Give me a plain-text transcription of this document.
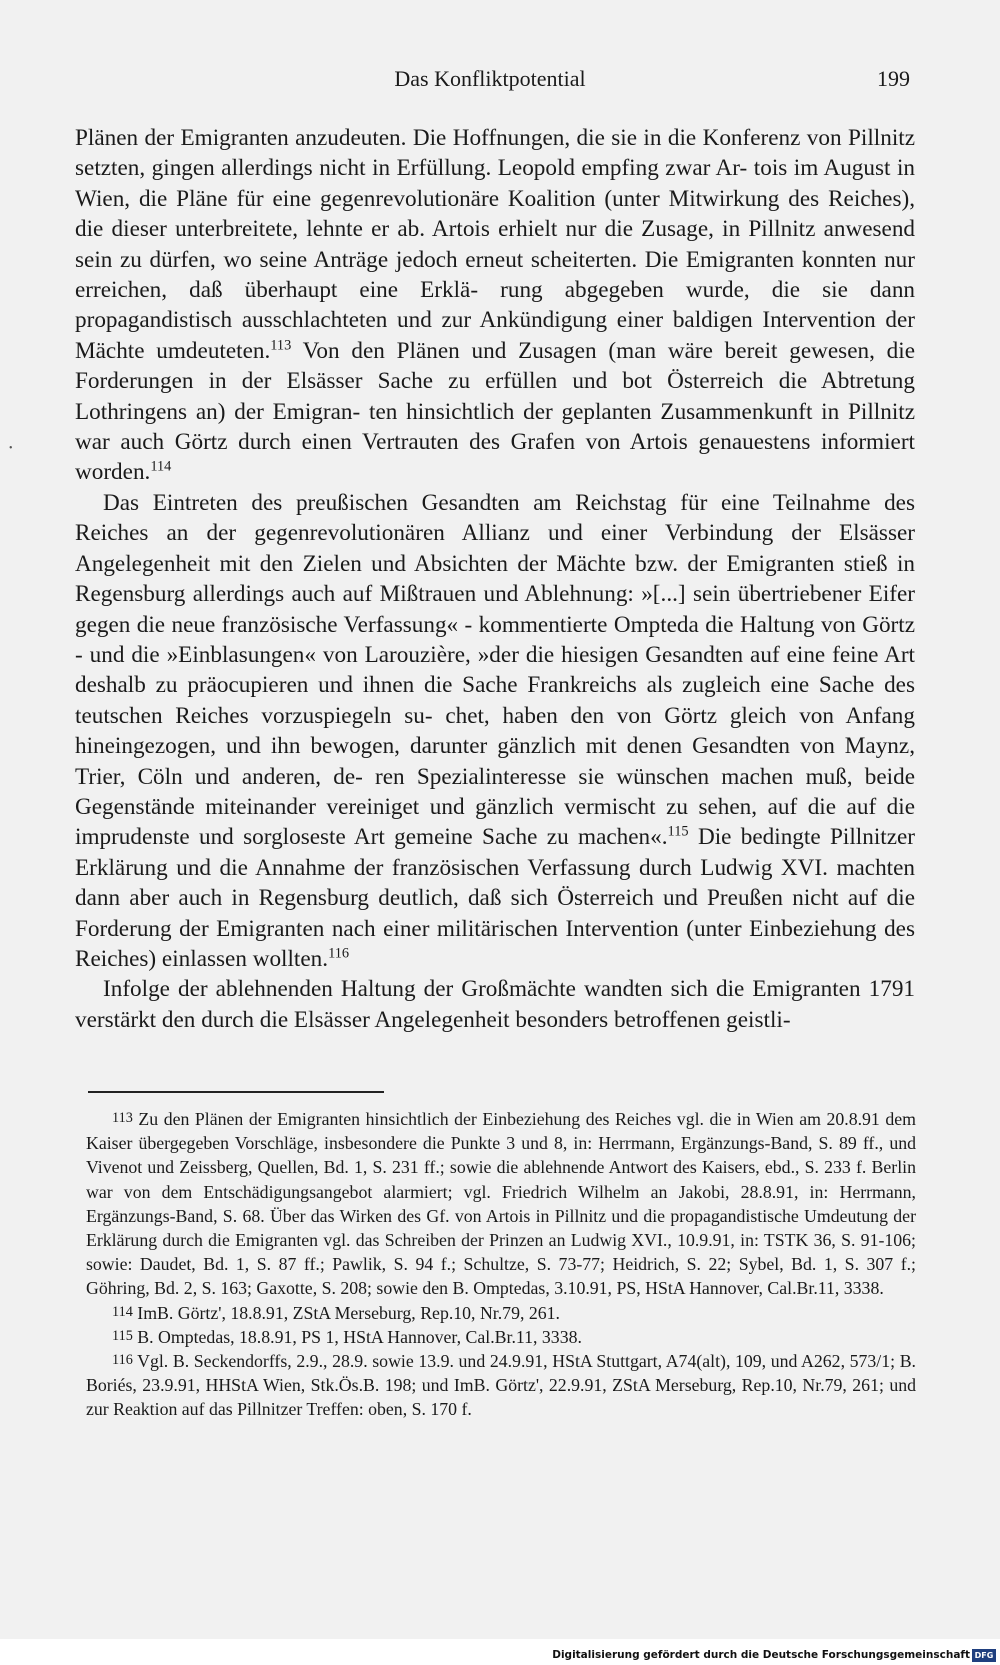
Das Konfliktpotential	199
•

Plänen der Emigranten anzudeuten. Die Hoffnungen, die sie in die Konferenz von Pillnitz setzten, gingen allerdings nicht in Erfüllung. Leopold empfing zwar Ar- tois im August in Wien, die Pläne für eine gegenrevolutionäre Koalition (unter Mitwirkung des Reiches), die dieser unterbreitete, lehnte er ab. Artois erhielt nur die Zusage, in Pillnitz anwesend sein zu dürfen, wo seine Anträge jedoch erneut scheiterten. Die Emigranten konnten nur erreichen, daß überhaupt eine Erklä- rung abgegeben wurde, die sie dann propagandistisch ausschlachteten und zur Ankündigung einer baldigen Intervention der Mächte umdeuteten.$^{113}$ Von den Plänen und Zusagen (man wäre bereit gewesen, die Forderungen in der Elsässer Sache zu erfüllen und bot Österreich die Abtretung Lothringens an) der Emigran- ten hinsichtlich der geplanten Zusammenkunft in Pillnitz war auch Görtz durch einen Vertrauten des Grafen von Artois genauestens informiert worden.$^{114}$

Das Eintreten des preußischen Gesandten am Reichstag für eine Teilnahme des Reiches an der gegenrevolutionären Allianz und einer Verbindung der Elsässer Angelegenheit mit den Zielen und Absichten der Mächte bzw. der Emigranten stieß in Regensburg allerdings auch auf Mißtrauen und Ablehnung: »[...] sein übertriebener Eifer gegen die neue französische Verfassung« - kommentierte Ompteda die Haltung von Görtz - und die »Einblasungen« von Larouzière, »der die hiesigen Gesandten auf eine feine Art deshalb zu präocupieren und ihnen die Sache Frankreichs als zugleich eine Sache des teutschen Reiches vorzuspiegeln su- chet, haben den von Görtz gleich von Anfang hineingezogen, und ihn bewogen, darunter gänzlich mit denen Gesandten von Maynz, Trier, Cöln und anderen, de- ren Spezialinteresse sie wünschen machen muß, beide Gegenstände miteinander vereiniget und gänzlich vermischt zu sehen, auf die auf die imprudenste und sorgloseste Art gemeine Sache zu machen«.$^{115}$ Die bedingte Pillnitzer Erklärung und die Annahme der französischen Verfassung durch Ludwig XVI. machten dann aber auch in Regensburg deutlich, daß sich Österreich und Preußen nicht auf die Forderung der Emigranten nach einer militärischen Intervention (unter Einbeziehung des Reiches) einlassen wollten.$^{116}$

Infolge der ablehnenden Haltung der Großmächte wandten sich die Emigranten 1791 verstärkt den durch die Elsässer Angelegenheit besonders betroffenen geistli-

$^{113}$ Zu den Plänen der Emigranten hinsichtlich der Einbeziehung des Reiches vgl. die in Wien am 20.8.91 dem Kaiser übergegeben Vorschläge, insbesondere die Punkte 3 und 8, in: Herrmann, Ergänzungs-Band, S. 89 ff., und Vivenot und Zeissberg, Quellen, Bd. 1, S. 231 ff.; sowie die ablehnende Antwort des Kaisers, ebd., S. 233 f. Berlin war von dem Entschädigungsangebot alarmiert; vgl. Friedrich Wilhelm an Jakobi, 28.8.91, in: Herrmann, Ergänzungs-Band, S. 68. Über das Wirken des Gf. von Artois in Pillnitz und die propagandistische Umdeutung der Erklärung durch die Emigranten vgl. das Schreiben der Prinzen an Ludwig XVI., 10.9.91, in: TSTK 36, S. 91-106; sowie: Daudet, Bd. 1, S. 87 ff.; Pawlik, S. 94 f.; Schultze, S. 73-77; Heidrich, S. 22; Sybel, Bd. 1, S. 307 f.; Göhring, Bd. 2, S. 163; Gaxotte, S. 208; sowie den B. Omptedas, 3.10.91, PS, HStA Hannover, Cal.Br.11, 3338.

$^{114}$ ImB. Görtz', 18.8.91, ZStA Merseburg, Rep.10, Nr.79, 261.

$^{115}$ B. Omptedas, 18.8.91, PS 1, HStA Hannover, Cal.Br.11, 3338.

$^{116}$ Vgl. B. Seckendorffs, 2.9., 28.9. sowie 13.9. und 24.9.91, HStA Stuttgart, A74(alt), 109, und A262, 573/1; B. Boriés, 23.9.91, HHStA Wien, Stk.Ös.B. 198; und ImB. Görtz', 22.9.91, ZStA Merseburg, Rep.10, Nr.79, 261; und zur Reaktion auf das Pillnitzer Treffen: oben, S. 170 f.

Digitalisierung gefördert durch die Deutsche Forschungsgemeinschaft DFG
